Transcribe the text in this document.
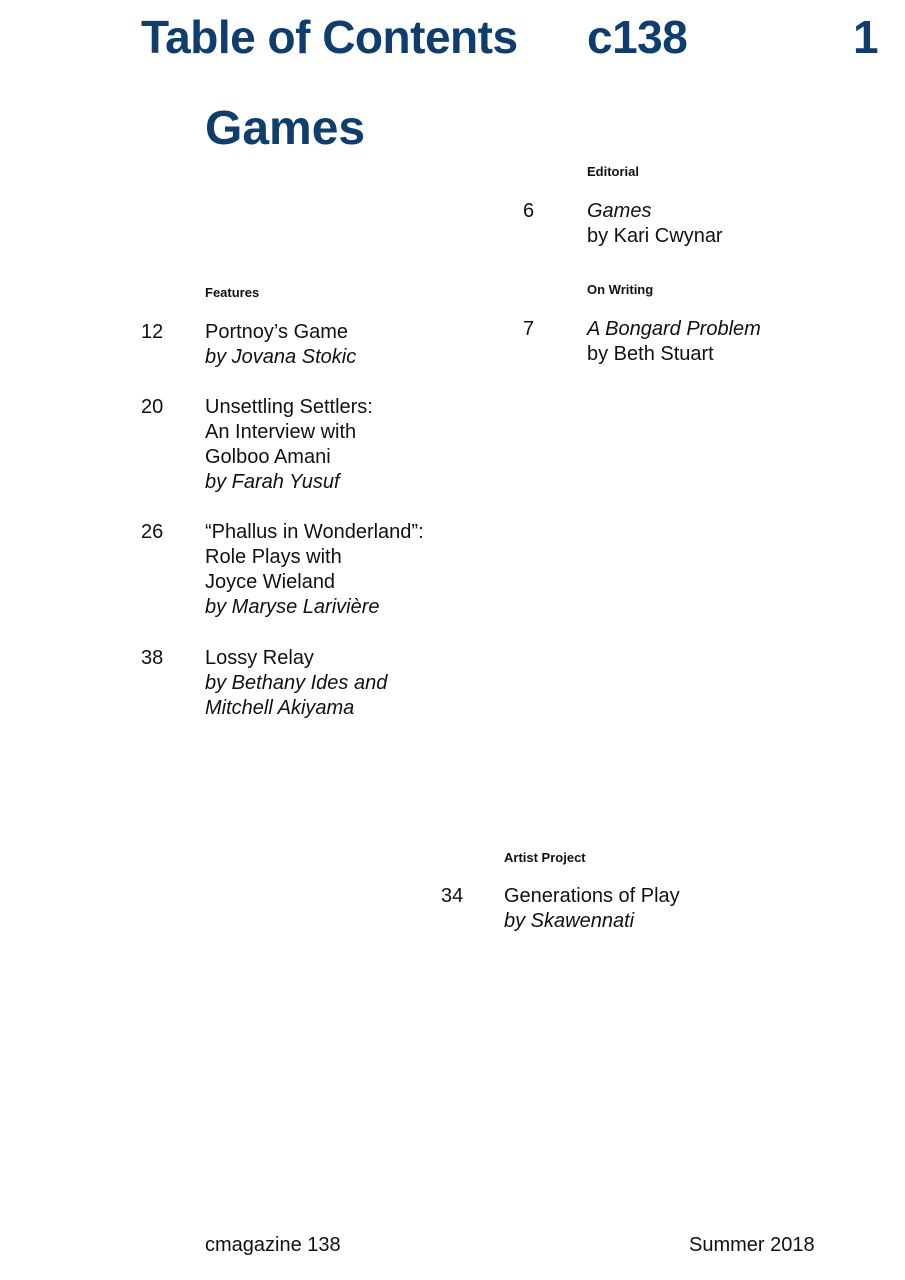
Table of Contents c138	1
Games
Editorial
6	Games
by Kari Cwynar
On Writing
7	A Bongard Problem
by Beth Stuart
Features
12 Portnoy’s Game
by Jovana Stokic
20 Unsettling Settlers:
An Interview with
Golboo Amani
by Farah Yusuf
26 “Phallus in Wonderland”:
Role Plays with
Joyce Wieland
by Maryse Larivière
38 Lossy Relay
by Bethany Ides and
Mitchell Akiyama
Artist Project
34 Generations of Play
by Skawennati
cmagazine 138	Summer 2018
